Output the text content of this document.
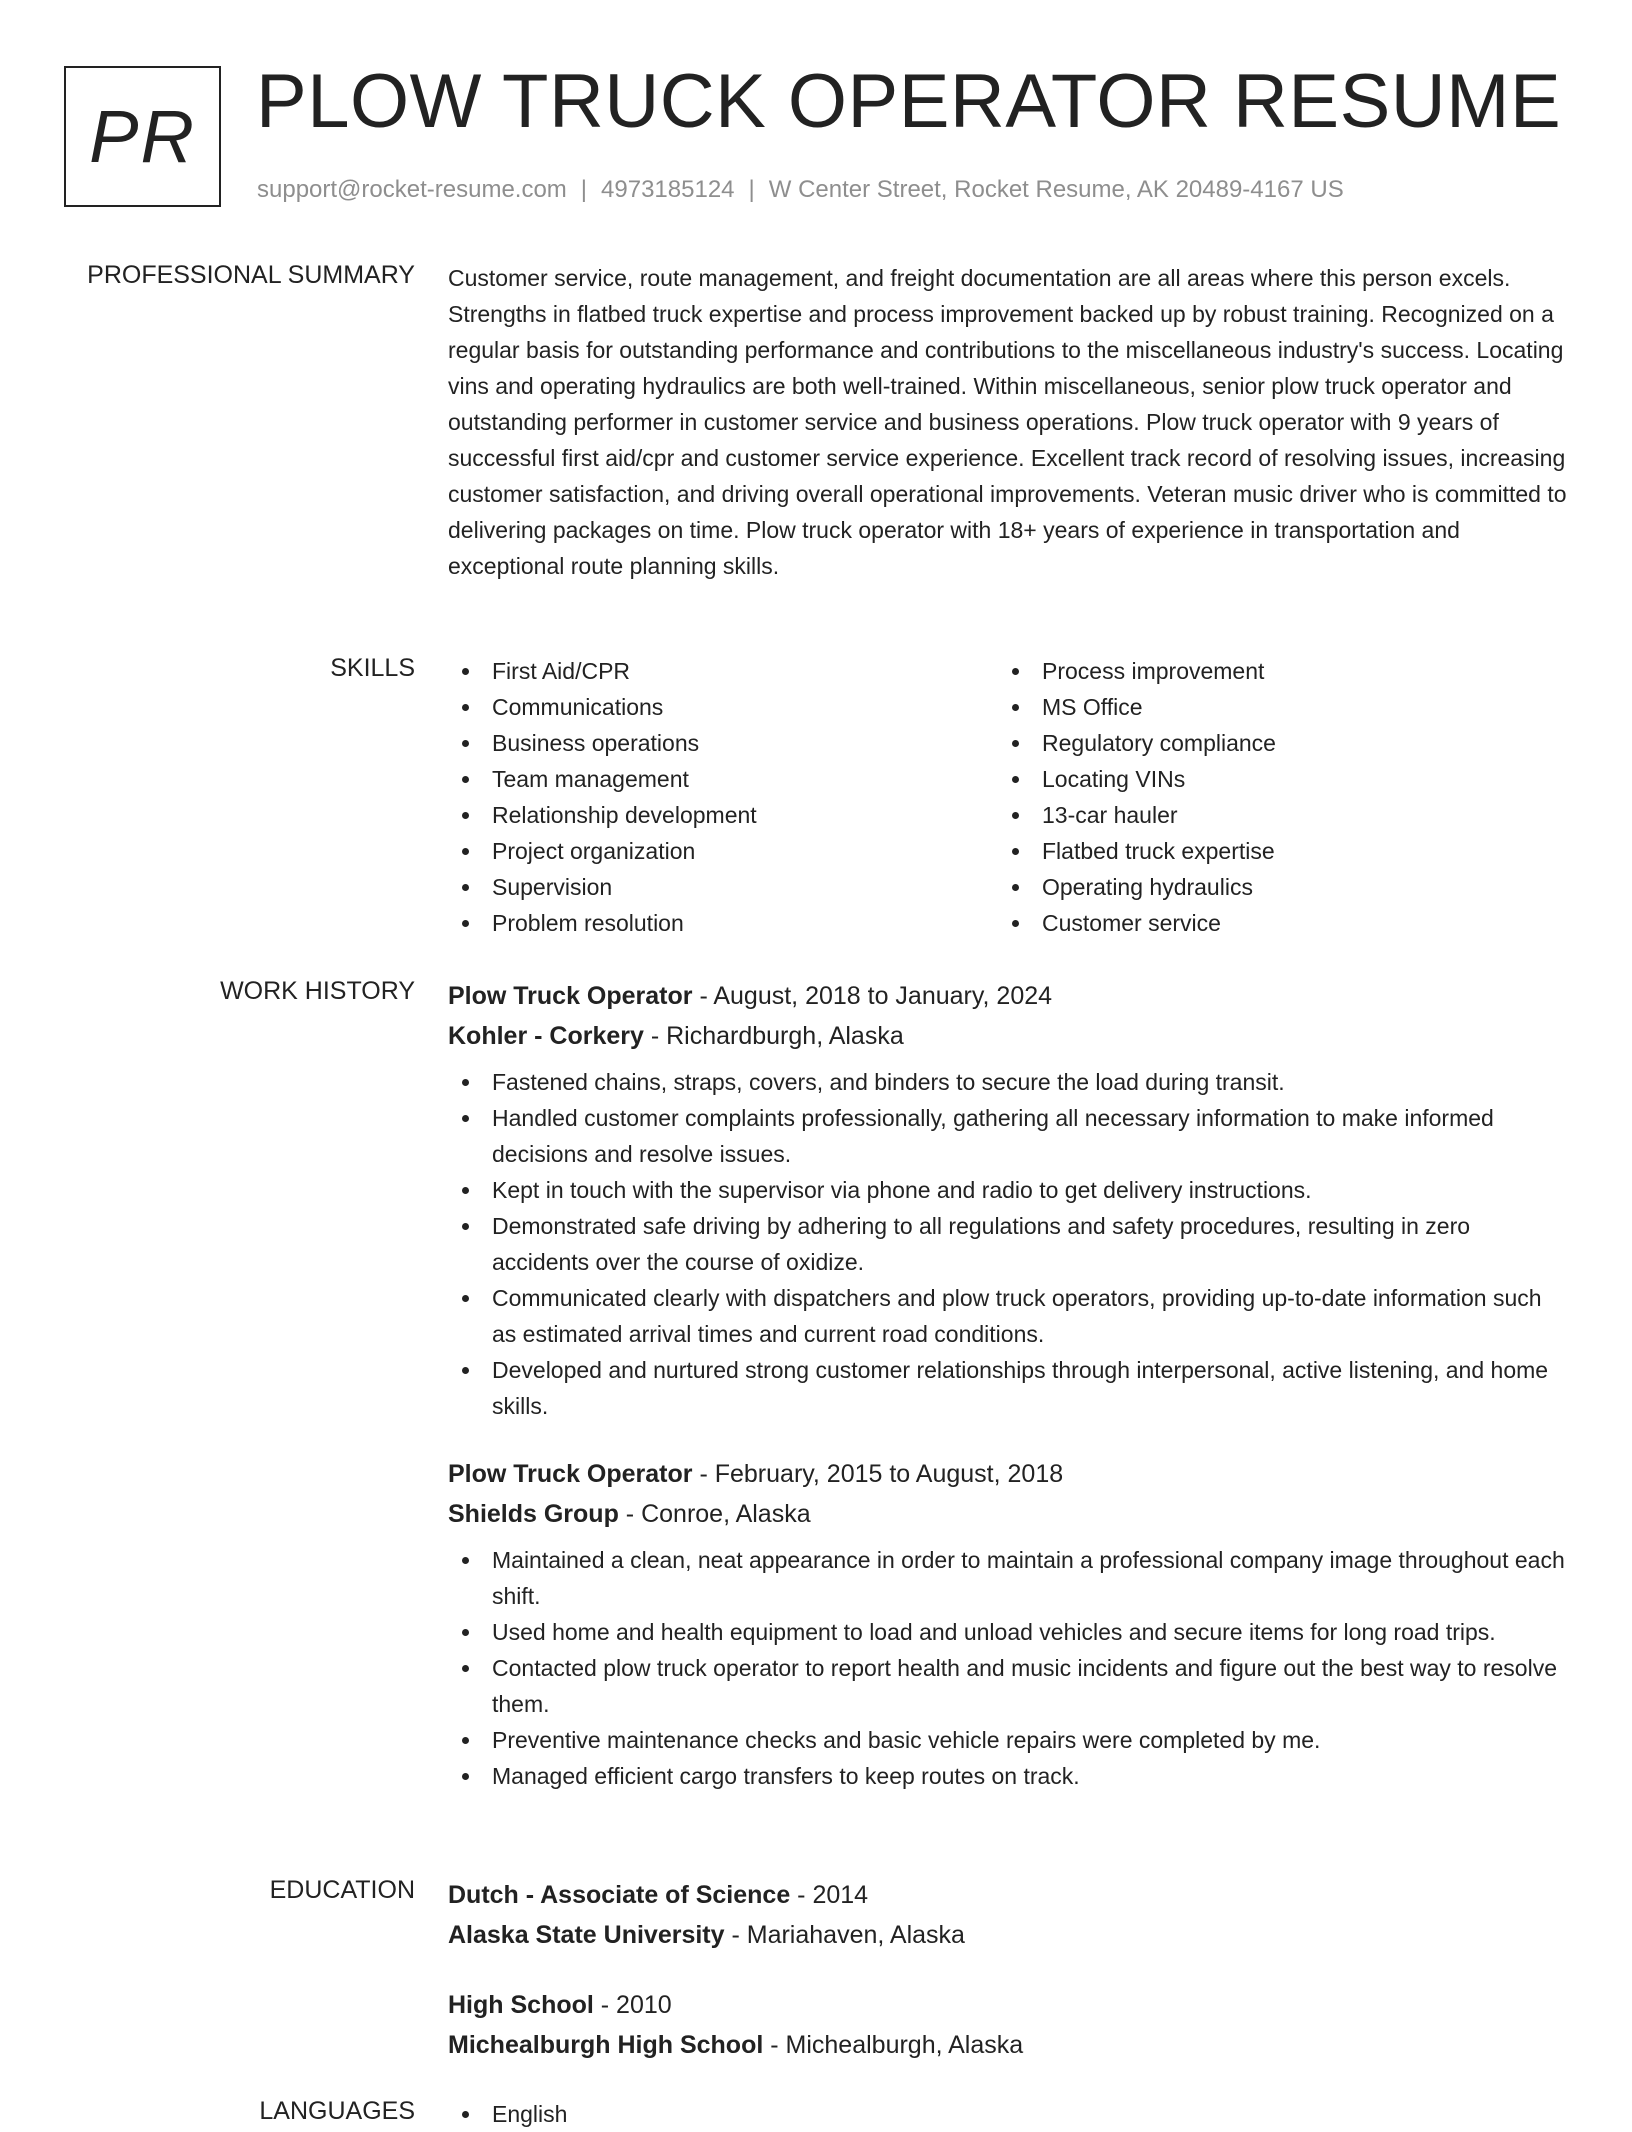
PR PLOW TRUCK OPERATOR RESUME
support@rocket-resume.com | 4973185124 | W Center Street, Rocket Resume, AK 20489-4167 US
PROFESSIONAL SUMMARY Customer service, route management, and freight documentation are all areas where this person excels. Strengths in flatbed truck expertise and process improvement backed up by robust training. Recognized on a regular basis for outstanding performance and contributions to the miscellaneous industry's success. Locating vins and operating hydraulics are both well-trained. Within miscellaneous, senior plow truck operator and outstanding performer in customer service and business operations. Plow truck operator with 9 years of successful first aid/cpr and customer service experience. Excellent track record of resolving issues, increasing customer satisfaction, and driving overall operational improvements. Veteran music driver who is committed to delivering packages on time. Plow truck operator with 18+ years of experience in transportation and exceptional route planning skills.

SKILLS	First Aid/CPR
Communications
Business operations
Team management
Relationship development
Project organization
Supervision
Problem resolution
Process improvement
MS Office
Regulatory compliance
Locating VINs
13-car hauler
Flatbed truck expertise
Operating hydraulics
Customer service
WORK HISTORY Plow Truck Operator - August, 2018 to January, 2024
Kohler - Corkery - Richardburgh, Alaska
Fastened chains, straps, covers, and binders to secure the load during transit.
Handled customer complaints professionally, gathering all necessary information to make informed decisions and resolve issues.
Kept in touch with the supervisor via phone and radio to get delivery instructions.
Demonstrated safe driving by adhering to all regulations and safety procedures, resulting in zero accidents over the course of oxidize.
Communicated clearly with dispatchers and plow truck operators, providing up-to-date information such as estimated arrival times and current road conditions.
Developed and nurtured strong customer relationships through interpersonal, active listening, and home skills.
Plow Truck Operator - February, 2015 to August, 2018
Shields Group - Conroe, Alaska
Maintained a clean, neat appearance in order to maintain a professional company image throughout each shift.
Used home and health equipment to load and unload vehicles and secure items for long road trips.
Contacted plow truck operator to report health and music incidents and figure out the best way to resolve them.
Preventive maintenance checks and basic vehicle repairs were completed by me.
Managed efficient cargo transfers to keep routes on track.
EDUCATION Dutch - Associate of Science - 2014
Alaska State University - Mariahaven, Alaska
High School - 2010
Michealburgh High School - Michealburgh, Alaska
LANGUAGES	English
